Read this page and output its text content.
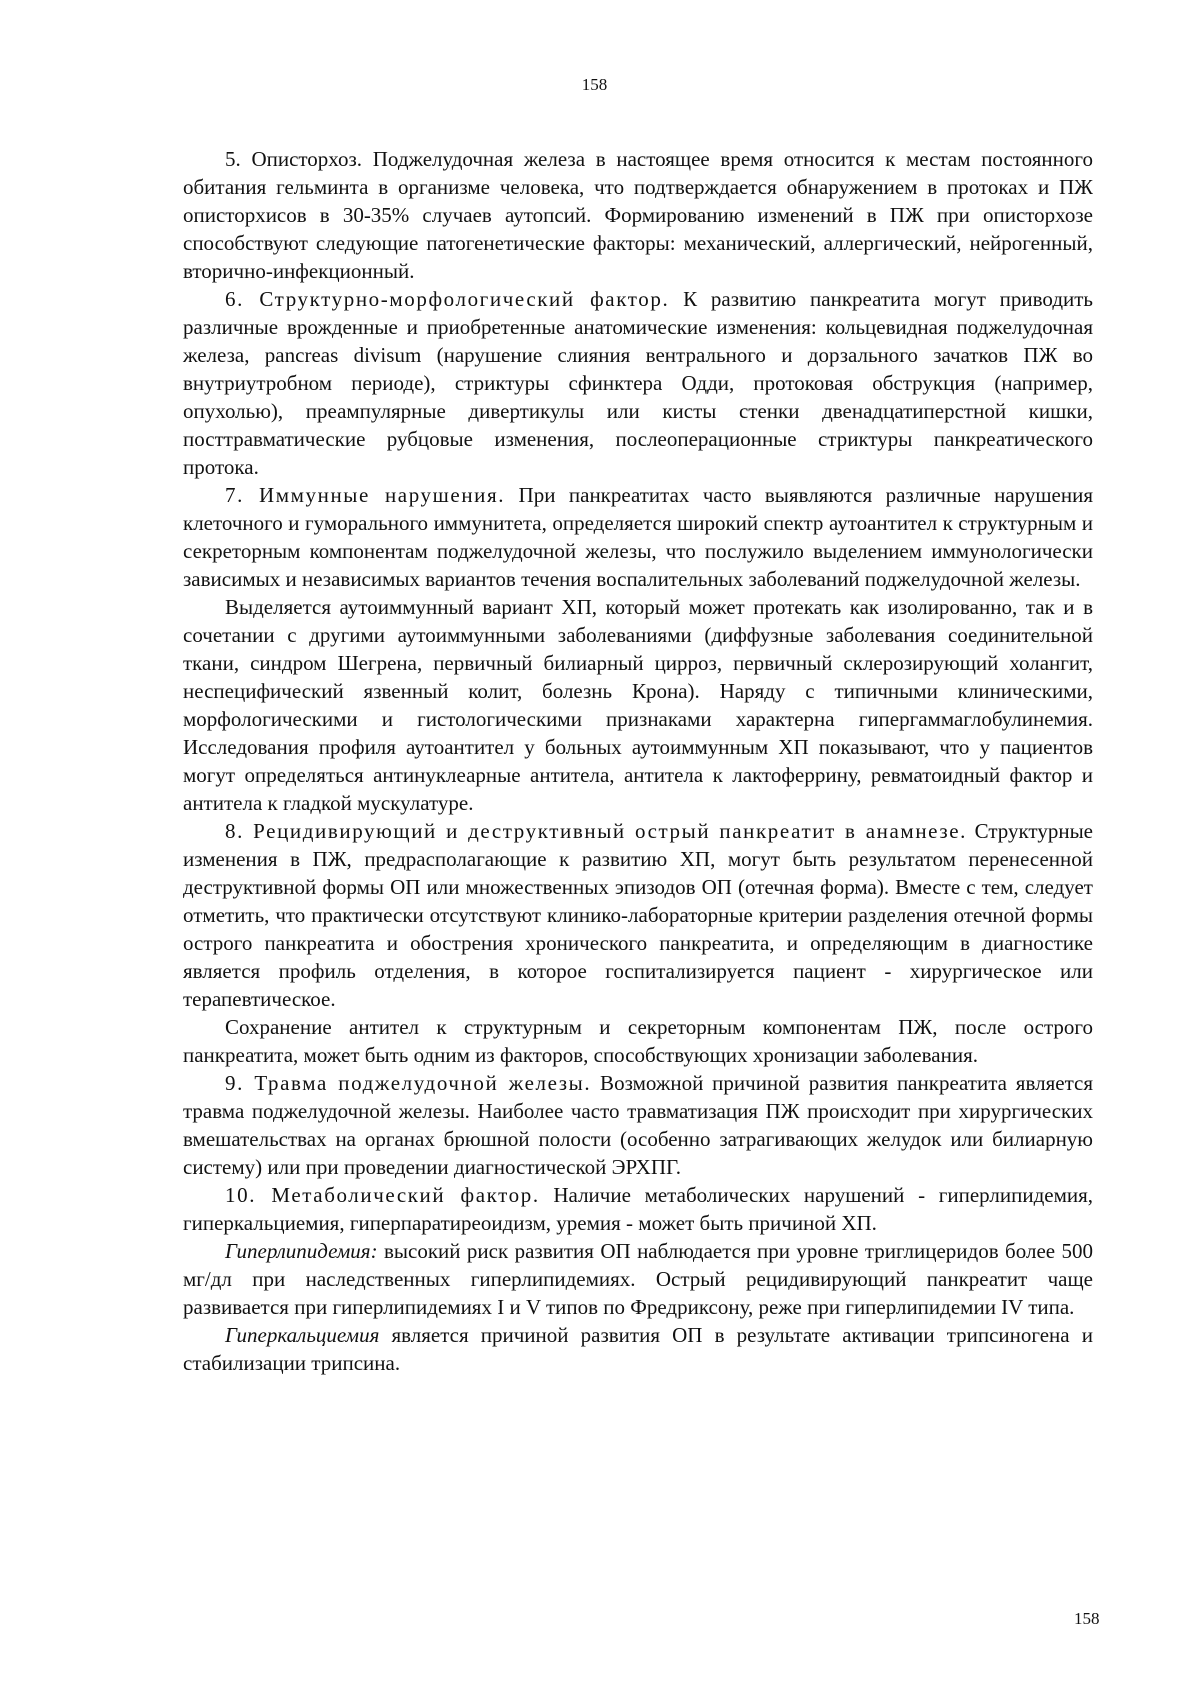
158

5. Описторхоз. Поджелудочная железа в настоящее время относится к местам постоянного обитания гельминта в организме человека, что подтверждается обнаружением в протоках и ПЖ описторхисов в 30-35% случаев аутопсий. Формированию изменений в ПЖ при описторхозе способствуют следующие патогенетические факторы: механический, аллергический, нейрогенный, вторично-инфекционный.

6. Структурно-морфологический фактор. К развитию панкреатита могут приводить различные врожденные и приобретенные анатомические изменения: кольцевидная поджелудочная железа, pancreas divisum (нарушение слияния вентрального и дорзального зачатков ПЖ во внутриутробном периоде), стриктуры сфинктера Одди, протоковая обструкция (например, опухолью), преампулярные дивертикулы или кисты стенки двенадцатиперстной кишки, посттравматические рубцовые изменения, послеоперационные стриктуры панкреатического протока.

7. Иммунные нарушения. При панкреатитах часто выявляются различные нарушения клеточного и гуморального иммунитета, определяется широкий спектр аутоантител к структурным и секреторным компонентам поджелудочной железы, что послужило выделением иммунологически зависимых и независимых вариантов течения воспалительных заболеваний поджелудочной железы.

Выделяется аутоиммунный вариант ХП, который может протекать как изолированно, так и в сочетании с другими аутоиммунными заболеваниями (диффузные заболевания соединительной ткани, синдром Шегрена, первичный билиарный цирроз, первичный склерозирующий холангит, неспецифический язвенный колит, болезнь Крона). Наряду с типичными клиническими, морфологическими и гистологическими признаками характерна гипергаммаглобулинемия. Исследования профиля аутоантител у больных аутоиммунным ХП показывают, что у пациентов могут определяться антинуклеарные антитела, антитела к лактоферрину, ревматоидный фактор и антитела к гладкой мускулатуре.

8. Рецидивирующий и деструктивный острый панкреатит в анамнезе. Структурные изменения в ПЖ, предрасполагающие к развитию ХП, могут быть результатом перенесенной деструктивной формы ОП или множественных эпизодов ОП (отечная форма). Вместе с тем, следует отметить, что практически отсутствуют клинико-лабораторные критерии разделения отечной формы острого панкреатита и обострения хронического панкреатита, и определяющим в диагностике является профиль отделения, в которое госпитализируется пациент - хирургическое или терапевтическое.

Сохранение антител к структурным и секреторным компонентам ПЖ, после острого панкреатита, может быть одним из факторов, способствующих хронизации заболевания.

9. Травма поджелудочной железы. Возможной причиной развития панкреатита является травма поджелудочной железы. Наиболее часто травматизация ПЖ происходит при хирургических вмешательствах на органах брюшной полости (особенно затрагивающих желудок или билиарную систему) или при проведении диагностической ЭРХПГ.

10. Метаболический фактор. Наличие метаболических нарушений - гиперлипидемия, гиперкальциемия, гиперпаратиреоидизм, уремия - может быть причиной ХП.

Гиперлипидемия: высокий риск развития ОП наблюдается при уровне триглицеридов более 500 мг/дл при наследственных гиперлипидемиях. Острый рецидивирующий панкреатит чаще развивается при гиперлипидемиях I и V типов по Фредриксону, реже при гиперлипидемии IV типа.

Гиперкальциемия является причиной развития ОП в результате активации трипсиногена и стабилизации трипсина.

158
